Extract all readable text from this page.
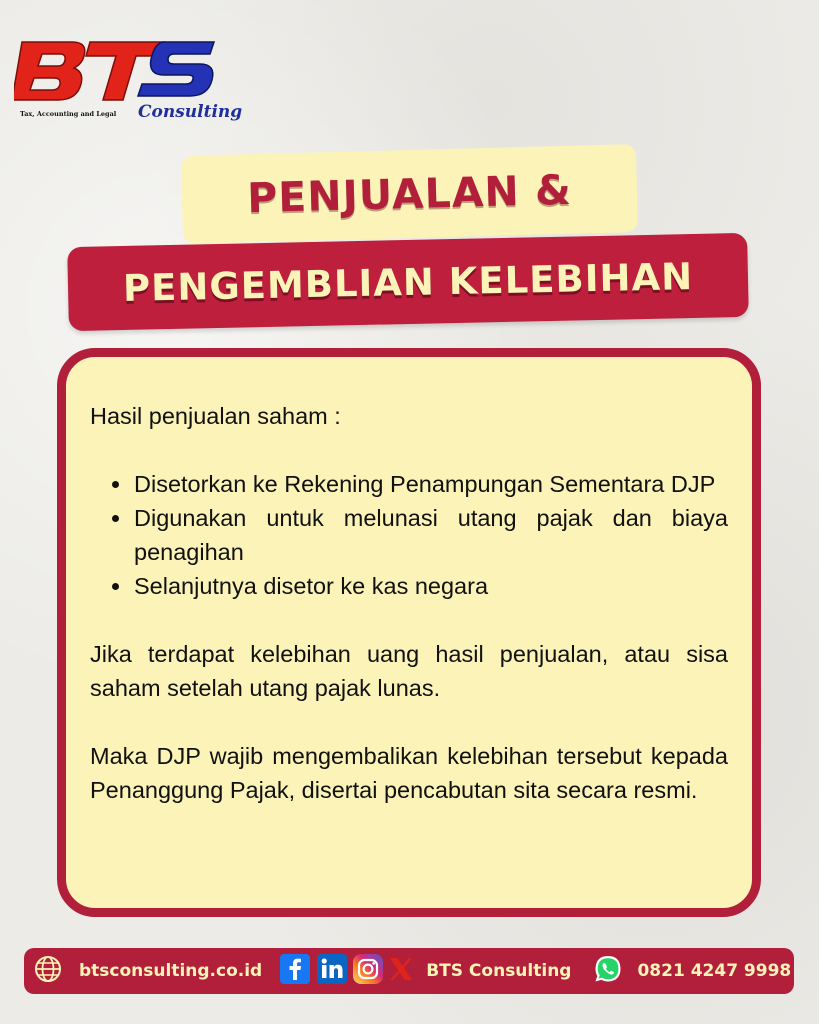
Tax, Accounting and Legal Consulting
PENJUALAN &
PENGEMBLIAN KELEBIHAN

Hasil penjualan saham :

Disetorkan ke Rekening Penampungan Sementara DJP
Digunakan untuk melunasi utang pajak dan biaya penagihan
Selanjutnya disetor ke kas negara

Jika terdapat kelebihan uang hasil penjualan, atau sisa saham setelah utang pajak lunas.

Maka DJP wajib mengembalikan kelebihan tersebut kepada Penanggung Pajak, disertai pencabutan sita secara resmi.

btsconsulting.co.id	BTS Consulting	0821 4247 9998
